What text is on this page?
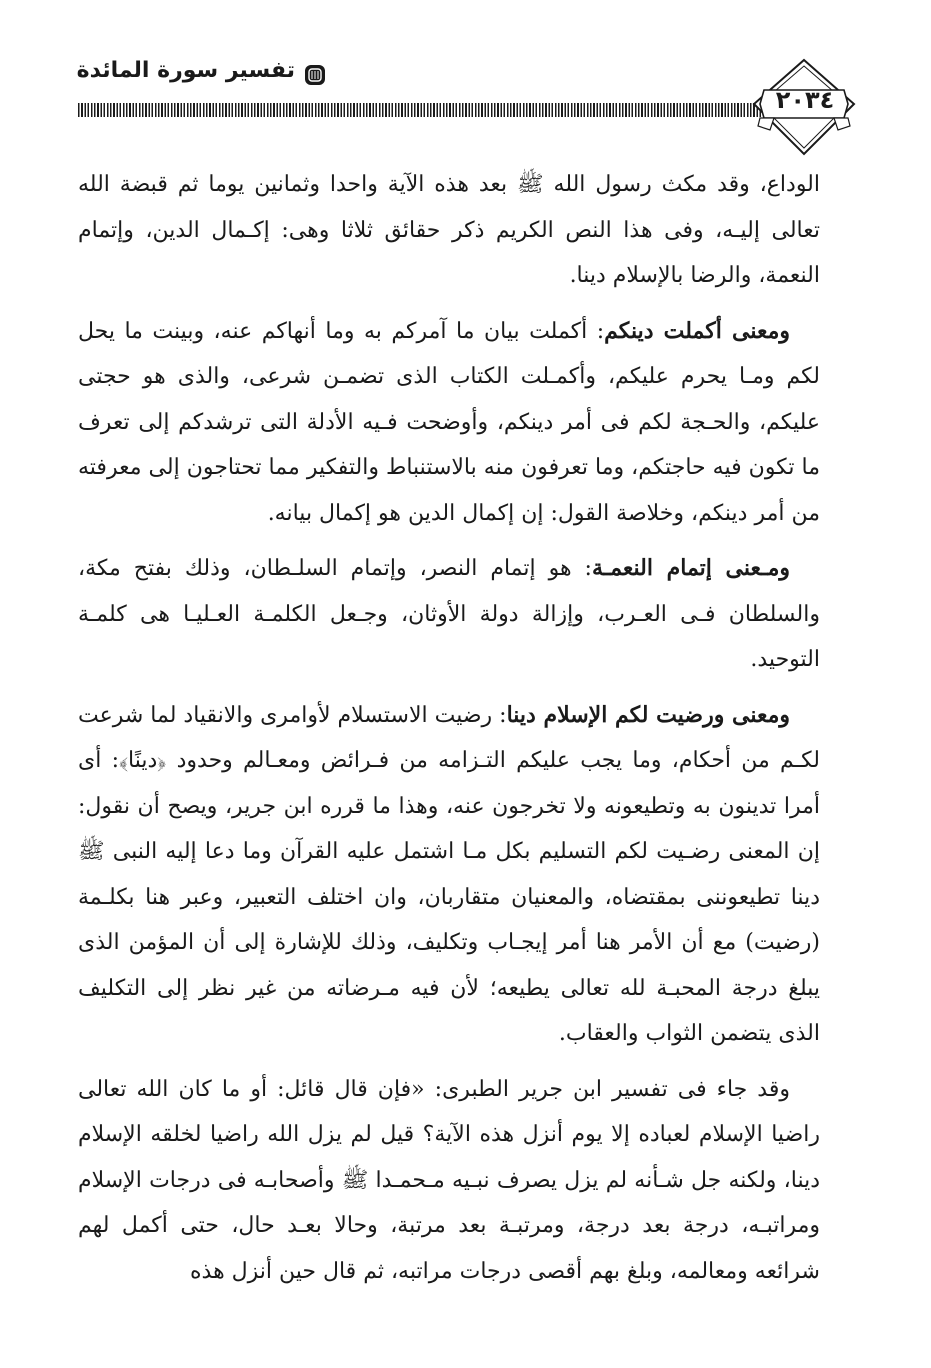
تفسير سورة المائدة
٢٠٣٤

الوداع، وقد مكث رسول الله ﷺ بعد هذه الآية واحدا وثمانين يوما ثم قبضة الله تعالى إليـه، وفى هذا النص الكريم ذكر حقائق ثلاثا وهى: إكـمال الدين، وإتمام النعمة، والرضا بالإسلام دينا.

ومعنى أكملت دينكم: أكملت بيان ما آمركم به وما أنهاكم عنه، وبينت ما يحل لكم ومـا يحرم عليكم، وأكمـلت الكتاب الذى تضمـن شرعى، والذى هو حجتى عليكم، والحـجة لكم فى أمر دينكم، وأوضحت فـيه الأدلة التى ترشدكم إلى تعرف ما تكون فيه حاجتكم، وما تعرفون منه بالاستنباط والتفكير مما تحتاجون إلى معرفته من أمر دينكم، وخلاصة القول: إن إكمال الدين هو إكمال بيانه.

ومـعنى إتمام النعمـة: هو إتمام النصر، وإتمام السلـطان، وذلك بفتح مكة، والسلطان فـى العـرب، وإزالة دولة الأوثان، وجـعل الكلمـة العـليـا هى كلمـة التوحيد.

ومعنى ورضيت لكم الإسلام دينا: رضيت الاستسلام لأوامرى والانقياد لما شرعت لكـم من أحكام، وما يجب عليكم التـزامه من فـرائض ومعـالم وحدود ﴿دينًا﴾: أى أمرا تدينون به وتطيعونه ولا تخرجون عنه، وهذا ما قرره ابن جرير، ويصح أن نقول: إن المعنى رضـيت لكم التسليم بكل مـا اشتمل عليه القرآن وما دعا إليه النبى ﷺ دينا تطيعوننى بمقتضاه، والمعنيان متقاربان، وان اختلف التعبير، وعبر هنا بكلـمة (رضيت) مع أن الأمر هنا أمر إيجـاب وتكليف، وذلك للإشارة إلى أن المؤمن الذى يبلغ درجة المحبـة لله تعالى يطيعه؛ لأن فيه مـرضاته من غير نظر إلى التكليف الذى يتضمن الثواب والعقاب.

وقد جاء فى تفسير ابن جرير الطبرى: «فإن قال قائل: أو ما كان الله تعالى راضيا الإسلام لعباده إلا يوم أنزل هذه الآية؟ قيل لم يزل الله راضيا لخلقه الإسلام دينا، ولكنه جل شـأنه لم يزل يصرف نبـيه مـحمـدا ﷺ وأصحابـه فى درجات الإسلام ومراتبـه، درجة بعد درجة، ومرتبـة بعد مرتبة، وحالا بعـد حال، حتى أكمل لهم شرائعه ومعالمه، وبلغ بهم أقصى درجات مراتبه، ثم قال حين أنزل هذه
